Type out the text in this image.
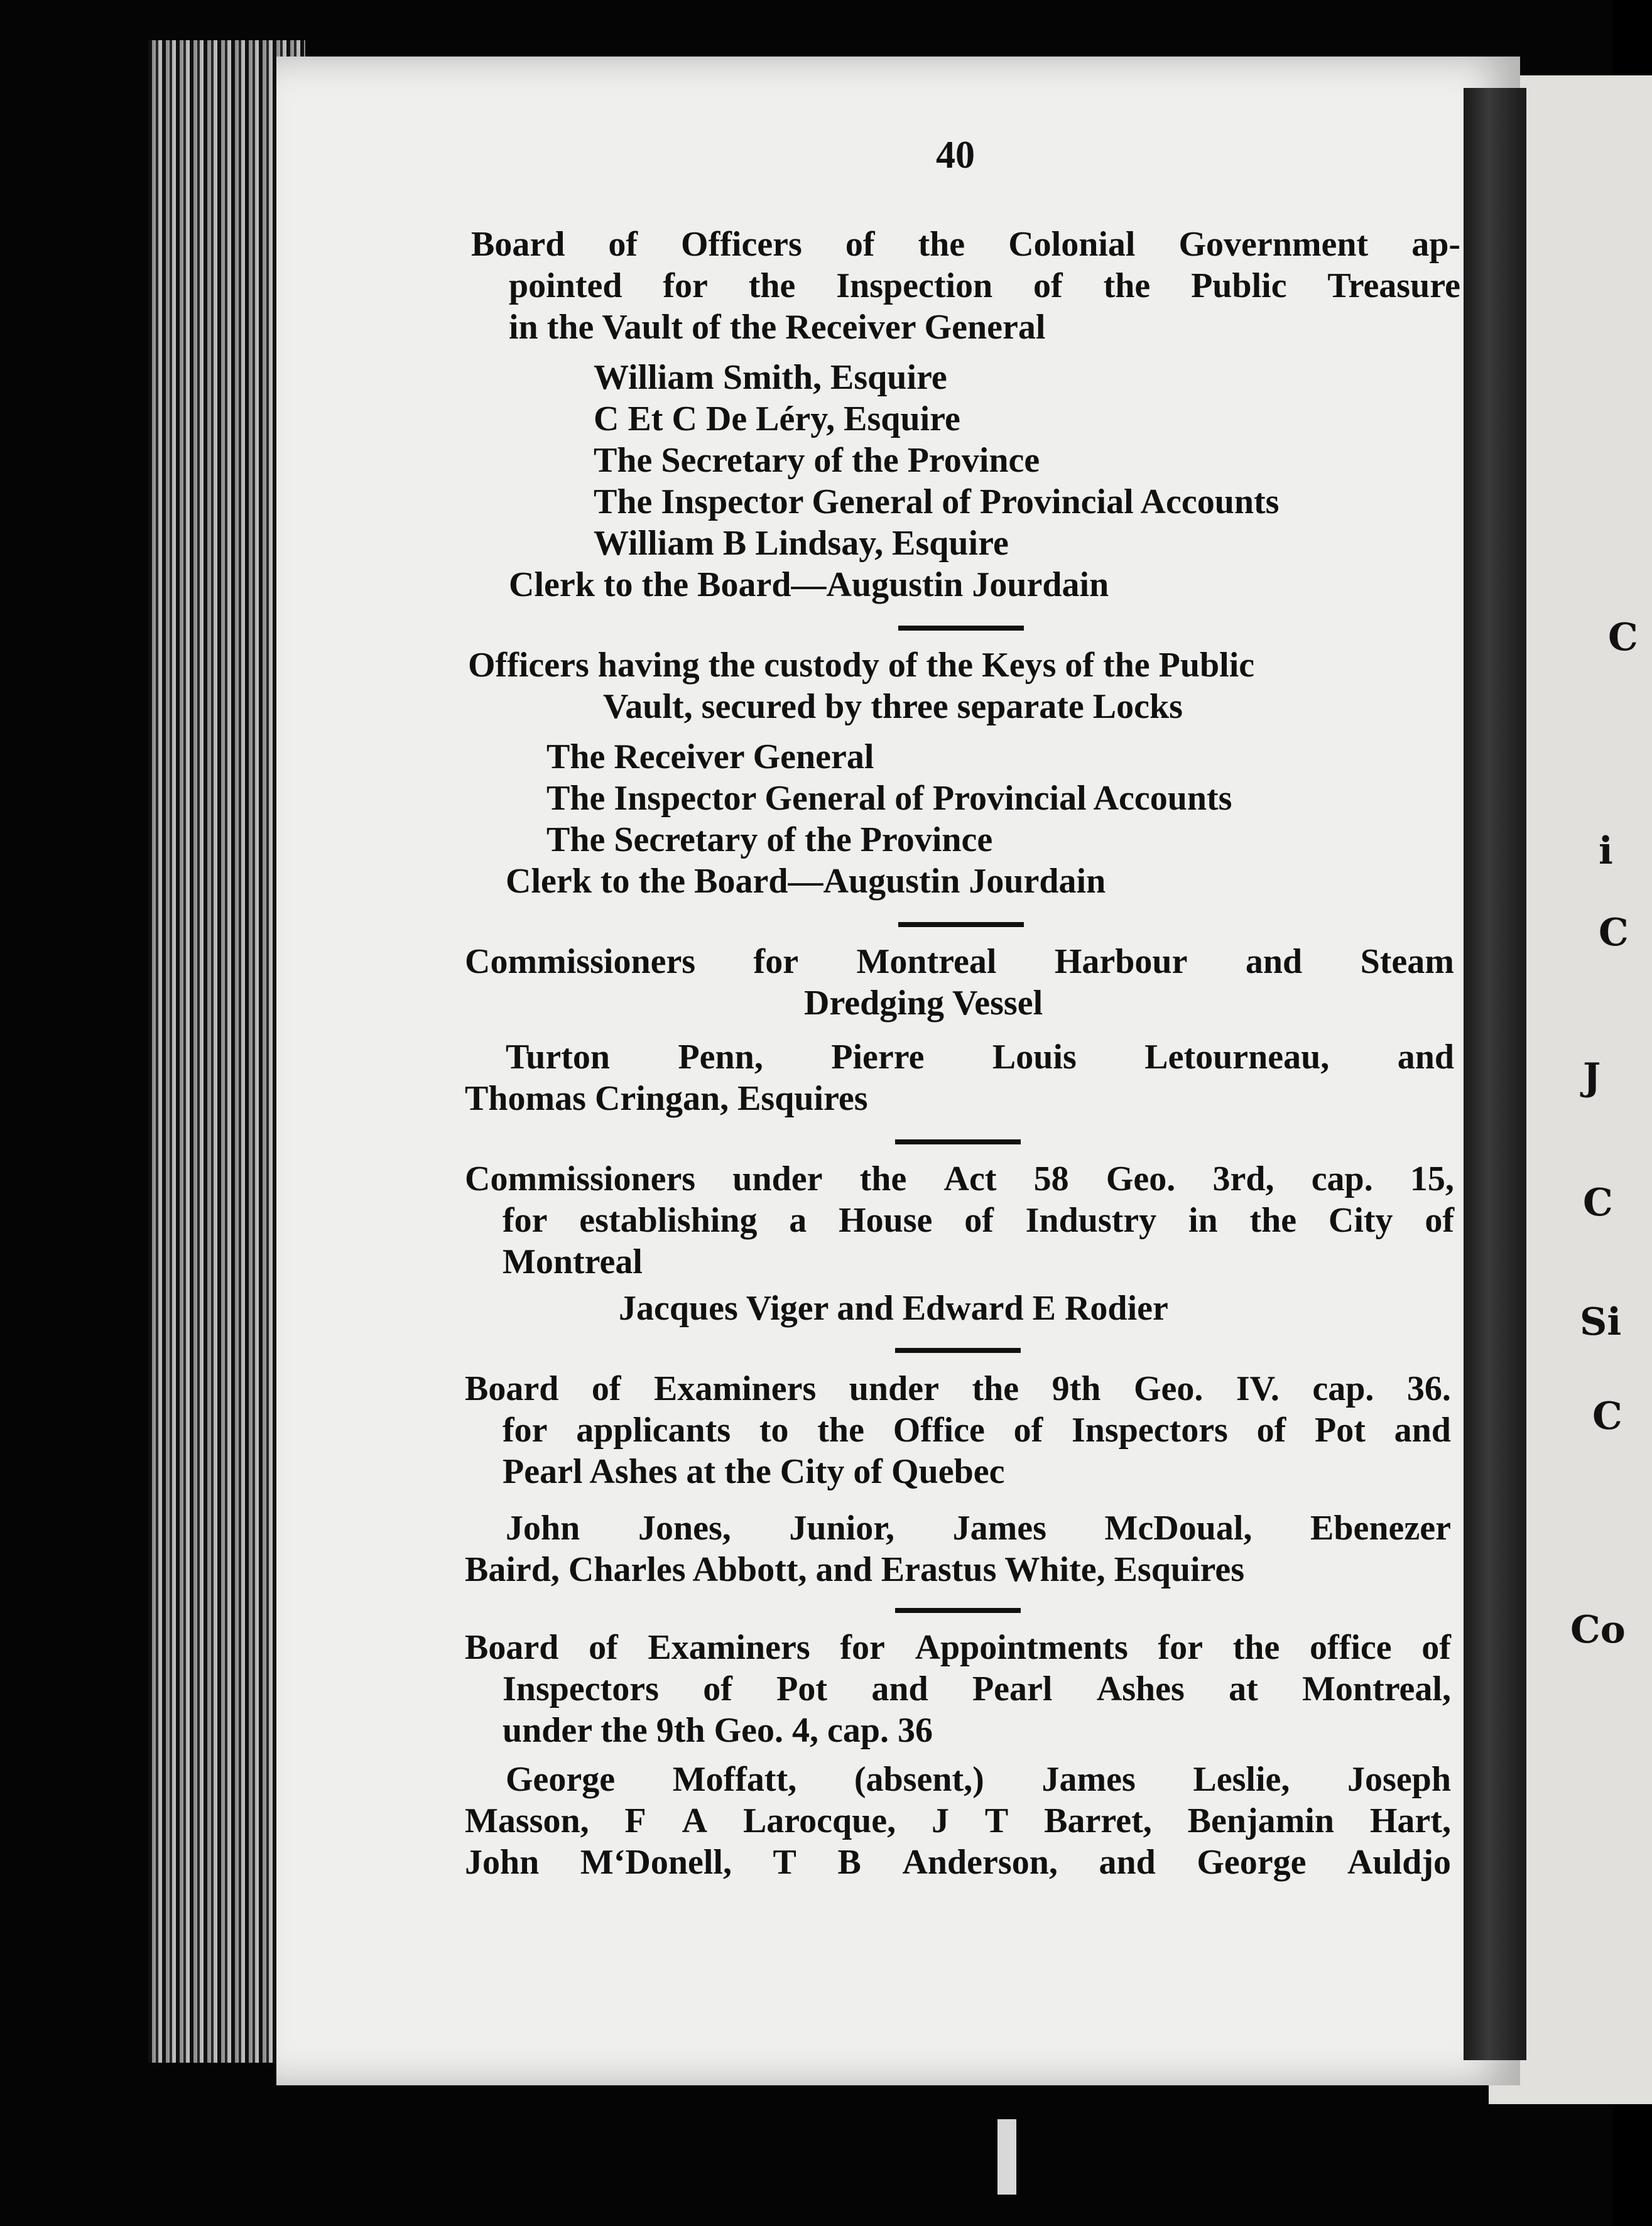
C
i
C
J
C
Si
C
Co
40
Board of Officers of the Colonial Government ap-
pointed for the Inspection of the Public Treasure
in the Vault of the Receiver General
William Smith, Esquire
C Et C De Léry, Esquire
The Secretary of the Province
The Inspector General of Provincial Accounts
William B Lindsay, Esquire
Clerk to the Board—Augustin Jourdain
Officers having the custody of the Keys of the Public
Vault, secured by three separate Locks
The Receiver General
The Inspector General of Provincial Accounts
The Secretary of the Province
Clerk to the Board—Augustin Jourdain
Commissioners for Montreal Harbour and Steam
Dredging Vessel
Turton Penn, Pierre Louis Letourneau, and
Thomas Cringan, Esquires
Commissioners under the Act 58 Geo. 3rd, cap. 15,
for establishing a House of Industry in the City of
Montreal
Jacques Viger and Edward E Rodier
Board of Examiners under the 9th Geo. IV. cap. 36.
for applicants to the Office of Inspectors of Pot and
Pearl Ashes at the City of Quebec
John Jones, Junior, James McDoual, Ebenezer
Baird, Charles Abbott, and Erastus White, Esquires
Board of Examiners for Appointments for the office of
Inspectors of Pot and Pearl Ashes at Montreal,
under the 9th Geo. 4, cap. 36
George Moffatt, (absent,) James Leslie, Joseph
Masson, F A Larocque, J T Barret, Benjamin Hart,
John M‘Donell, T B Anderson, and George Auldjo
